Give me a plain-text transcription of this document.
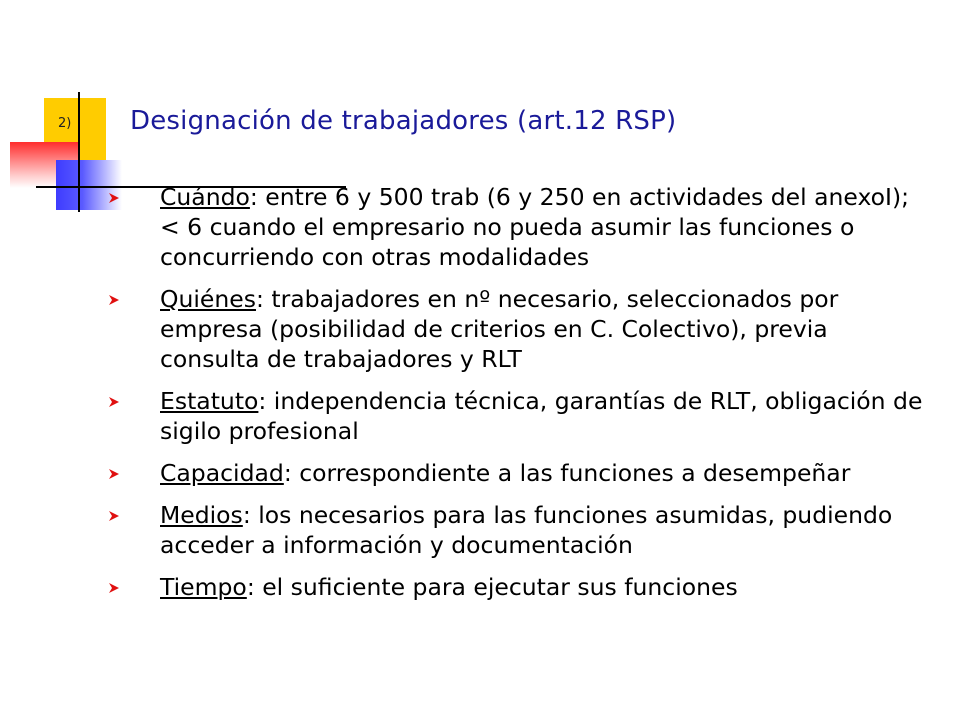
2) Designación de trabajadores (art.12 RSP)
Cuándo: entre 6 y 500 trab (6 y 250 en actividades del anexoI); < 6 cuando el empresario no pueda asumir las funciones o concurriendo con otras modalidades
Quiénes: trabajadores en nº necesario, seleccionados por empresa (posibilidad de criterios en C. Colectivo), previa consulta de trabajadores y RLT
Estatuto: independencia técnica, garantías de RLT, obligación de sigilo profesional
Capacidad: correspondiente a las funciones a desempeñar
Medios: los necesarios para las funciones asumidas, pudiendo acceder a información y documentación
Tiempo: el suficiente para ejecutar sus funciones
